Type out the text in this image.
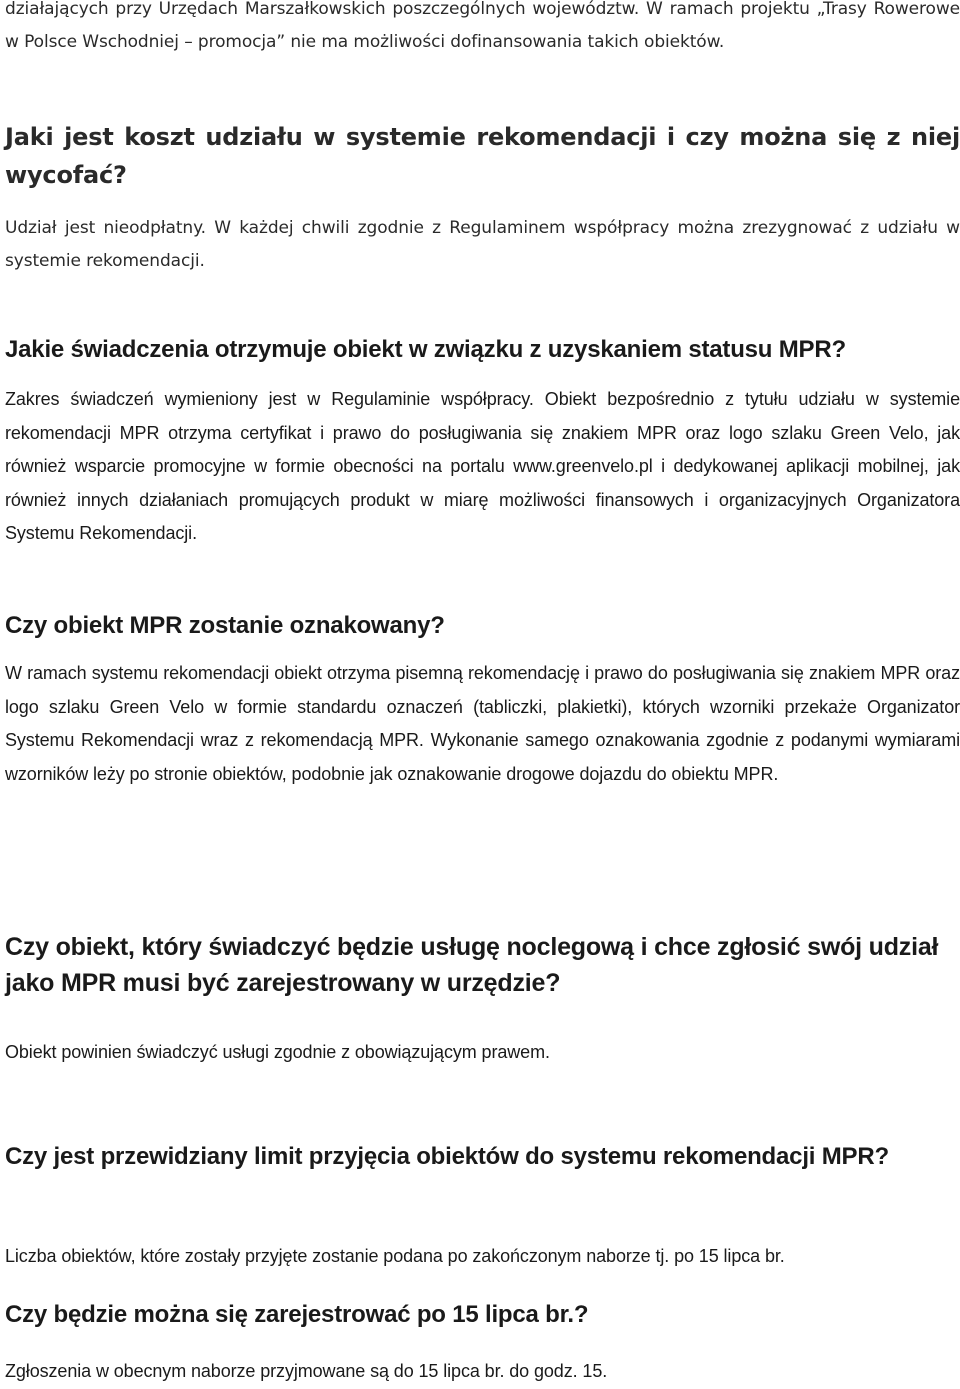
działających przy Urzędach Marszałkowskich poszczególnych województw. W ramach projektu „Trasy Rowerowe w Polsce Wschodniej – promocja” nie ma możliwości dofinansowania takich obiektów.

Jaki jest koszt udziału w systemie rekomendacji i czy można się z niej wycofać?

Udział jest nieodpłatny. W każdej chwili zgodnie z Regulaminem współpracy można zrezygnować z udziału w systemie rekomendacji.

Jakie świadczenia otrzymuje obiekt w związku z uzyskaniem statusu MPR?

Zakres świadczeń wymieniony jest w Regulaminie współpracy. Obiekt bezpośrednio z tytułu udziału w systemie rekomendacji MPR otrzyma certyfikat i prawo do posługiwania się znakiem MPR oraz logo szlaku Green Velo, jak również wsparcie promocyjne w formie obecności na portalu www.greenvelo.pl i dedykowanej aplikacji mobilnej, jak również innych działaniach promujących produkt w miarę możliwości finansowych i organizacyjnych Organizatora Systemu Rekomendacji.

Czy obiekt MPR zostanie oznakowany?

W ramach systemu rekomendacji obiekt otrzyma pisemną rekomendację i prawo do posługiwania się znakiem MPR oraz logo szlaku Green Velo w formie standardu oznaczeń (tabliczki, plakietki), których wzorniki przekaże Organizator Systemu Rekomendacji wraz z rekomendacją MPR. Wykonanie samego oznakowania zgodnie z podanymi wymiarami wzorników leży po stronie obiektów, podobnie jak oznakowanie drogowe dojazdu do obiektu MPR.

Czy obiekt, który świadczyć będzie usługę noclegową i chce zgłosić swój udział jako MPR musi być zarejestrowany w urzędzie?

Obiekt powinien świadczyć usługi zgodnie z obowiązującym prawem.

Czy jest przewidziany limit przyjęcia obiektów do systemu rekomendacji MPR?

Liczba obiektów, które zostały przyjęte zostanie podana po zakończonym naborze tj. po 15 lipca br.

Czy będzie można się zarejestrować po 15 lipca br.?

Zgłoszenia w obecnym naborze przyjmowane są do 15 lipca br. do godz. 15.
